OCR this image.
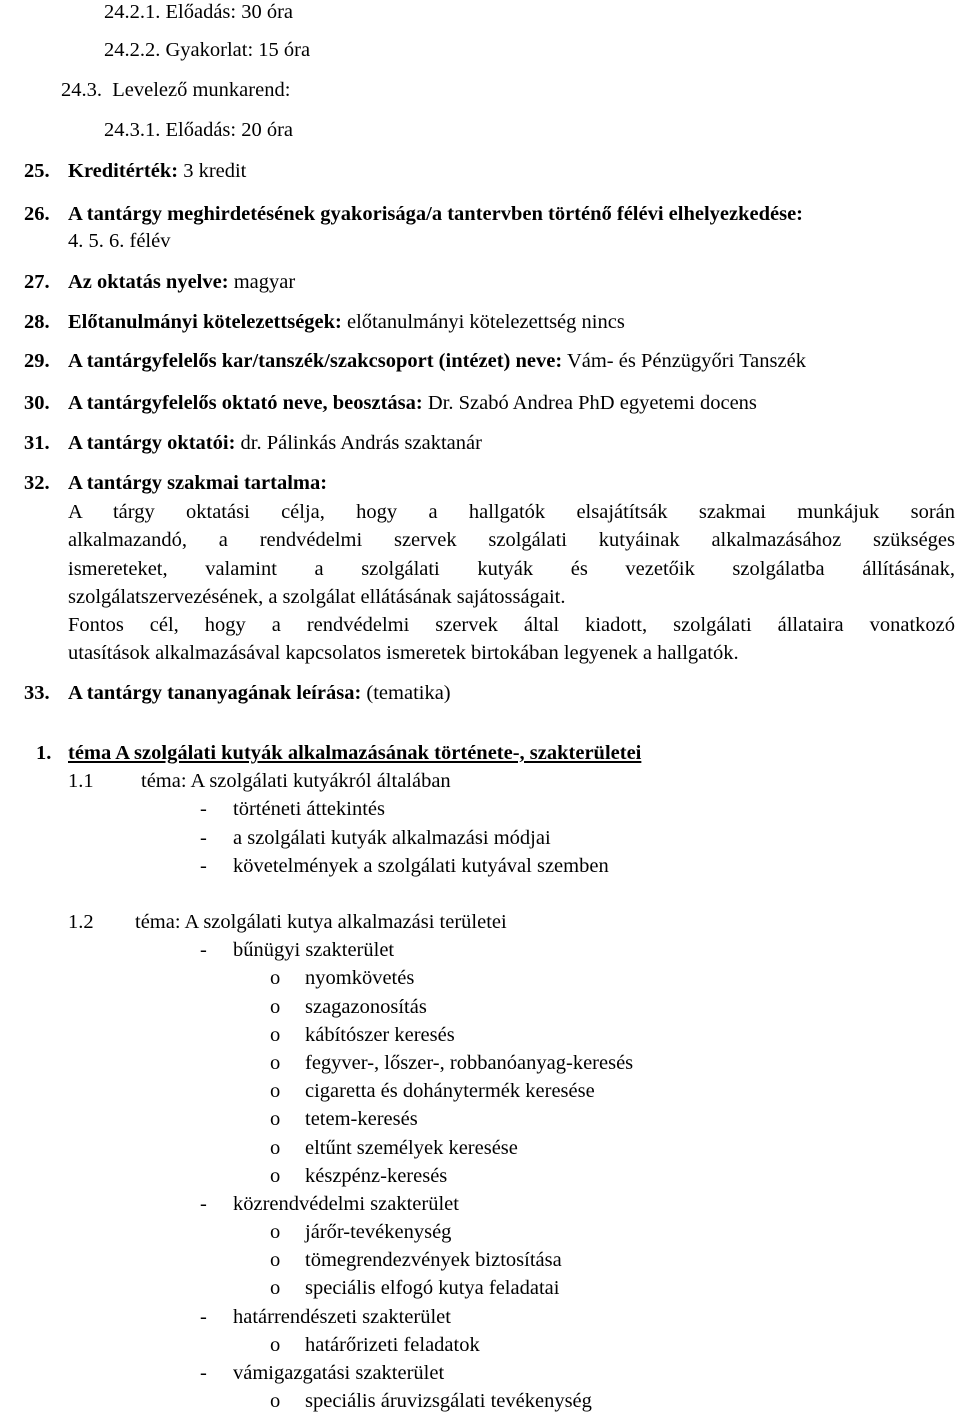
24.2.1. Előadás: 30 óra
24.2.2. Gyakorlat: 15 óra
24.3. Levelező munkarend:
24.3.1. Előadás: 20 óra
25. Kreditérték: 3 kredit
26. A tantárgy meghirdetésének gyakorisága/a tantervben történő félévi elhelyezkedése:
4. 5. 6. félév
27. Az oktatás nyelve: magyar
28. Előtanulmányi kötelezettségek: előtanulmányi kötelezettség nincs
29. A tantárgyfelelős kar/tanszék/szakcsoport (intézet) neve: Vám- és Pénzügyőri Tanszék
30. A tantárgyfelelős oktató neve, beosztása: Dr. Szabó Andrea PhD egyetemi docens
31. A tantárgy oktatói: dr. Pálinkás András szaktanár
32. A tantárgy szakmai tartalma:
A tárgy oktatási célja, hogy a hallgatók elsajátítsák szakmai munkájuk során
alkalmazandó, a rendvédelmi szervek szolgálati kutyáinak alkalmazásához szükséges
ismereteket, valamint a szolgálati kutyák és vezetőik szolgálatba állításának,
szolgálatszervezésének, a szolgálat ellátásának sajátosságait.
Fontos cél, hogy a rendvédelmi szervek által kiadott, szolgálati állataira vonatkozó
utasítások alkalmazásával kapcsolatos ismeretek birtokában legyenek a hallgatók.
33. A tantárgy tananyagának leírása: (tematika)
1. téma A szolgálati kutyák alkalmazásának története-, szakterületei
1.1 téma: A szolgálati kutyákról általában
- történeti áttekintés
- a szolgálati kutyák alkalmazási módjai
- követelmények a szolgálati kutyával szemben
1.2 téma: A szolgálati kutya alkalmazási területei
- bűnügyi szakterület
o nyomkövetés
o szagazonosítás
o kábítószer keresés
o fegyver-, lőszer-, robbanóanyag-keresés
o cigaretta és dohánytermék keresése
o tetem-keresés
o eltűnt személyek keresése
o készpénz-keresés
- közrendvédelmi szakterület
o járőr-tevékenység
o tömegrendezvények biztosítása
o speciális elfogó kutya feladatai
- határrendészeti szakterület
o határőrizeti feladatok
- vámigazgatási szakterület
o speciális áruvizsgálati tevékenység
